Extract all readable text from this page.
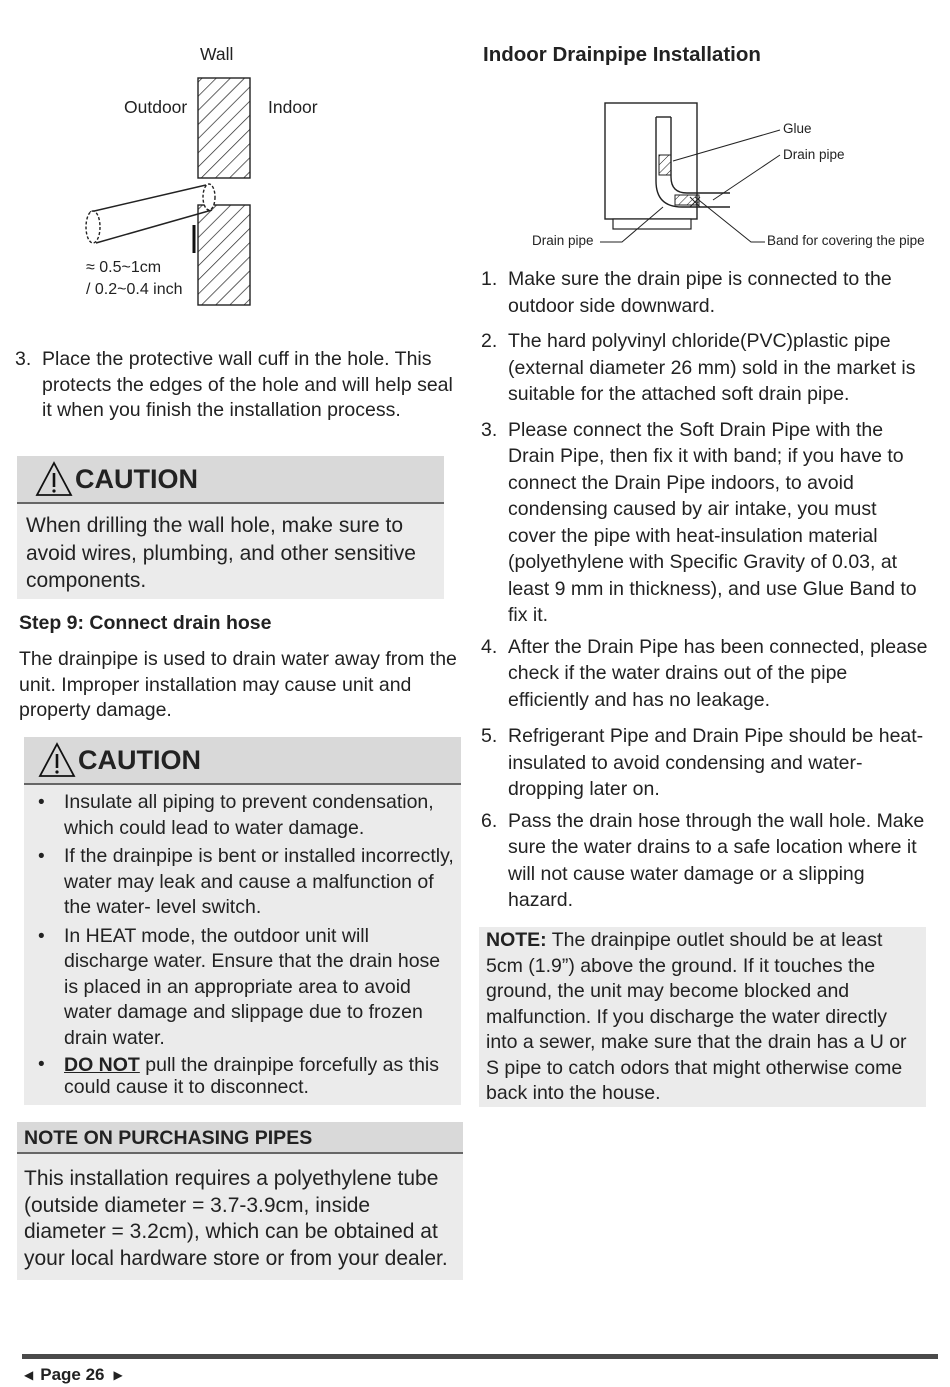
Wall
Outdoor	Indoor
≈ 0.5~1cm
/ 0.2~0.4 inch
3. Place the protective wall cuff in the hole. This protects the edges of the hole and will help seal it when you finish the installation process.
CAUTION
When drilling the wall hole, make sure to avoid wires, plumbing, and other sensitive components.
Step 9: Connect drain hose
The drainpipe is used to drain water away from the unit. Improper installation may cause unit and property damage.
CAUTION
• Insulate all piping to prevent condensation, which could lead to water damage.
• If the drainpipe is bent or installed incorrectly, water may leak and cause a malfunction of the water- level switch.
• In HEAT mode, the outdoor unit will discharge water. Ensure that the drain hose is placed in an appropriate area to avoid water damage and slippage due to frozen drain water.
• DO NOT pull the drainpipe forcefully as this could cause it to disconnect.
NOTE ON PURCHASING PIPES
This installation requires a polyethylene tube (outside diameter = 3.7-3.9cm, inside diameter = 3.2cm), which can be obtained at your local hardware store or from your dealer.
Indoor Drainpipe Installation
Glue
Drain pipe
Drain pipe	Band for covering the pipe
1. Make sure the drain pipe is connected to the outdoor side downward.
2. The hard polyvinyl chloride(PVC)plastic pipe (external diameter 26 mm) sold in the market is suitable for the attached soft drain pipe.
3. Please connect the Soft Drain Pipe with the Drain Pipe, then fix it with band; if you have to connect the Drain Pipe indoors, to avoid condensing caused by air intake, you must cover the pipe with heat-insulation material (polyethylene with Specific Gravity of 0.03, at least 9 mm in thickness), and use Glue Band to fix it.
4. After the Drain Pipe has been connected, please check if the water drains out of the pipe efficiently and has no leakage.
5. Refrigerant Pipe and Drain Pipe should be heat-insulated to avoid condensing and water-dropping later on.
6. Pass the drain hose through the wall hole. Make sure the water drains to a safe location where it will not cause water damage or a slipping hazard.
NOTE: The drainpipe outlet should be at least 5cm (1.9”) above the ground. If it touches the ground, the unit may become blocked and malfunction. If you discharge the water directly into a sewer, make sure that the drain has a U or S pipe to catch odors that might otherwise come back into the house.
◀ Page 26 ▶
